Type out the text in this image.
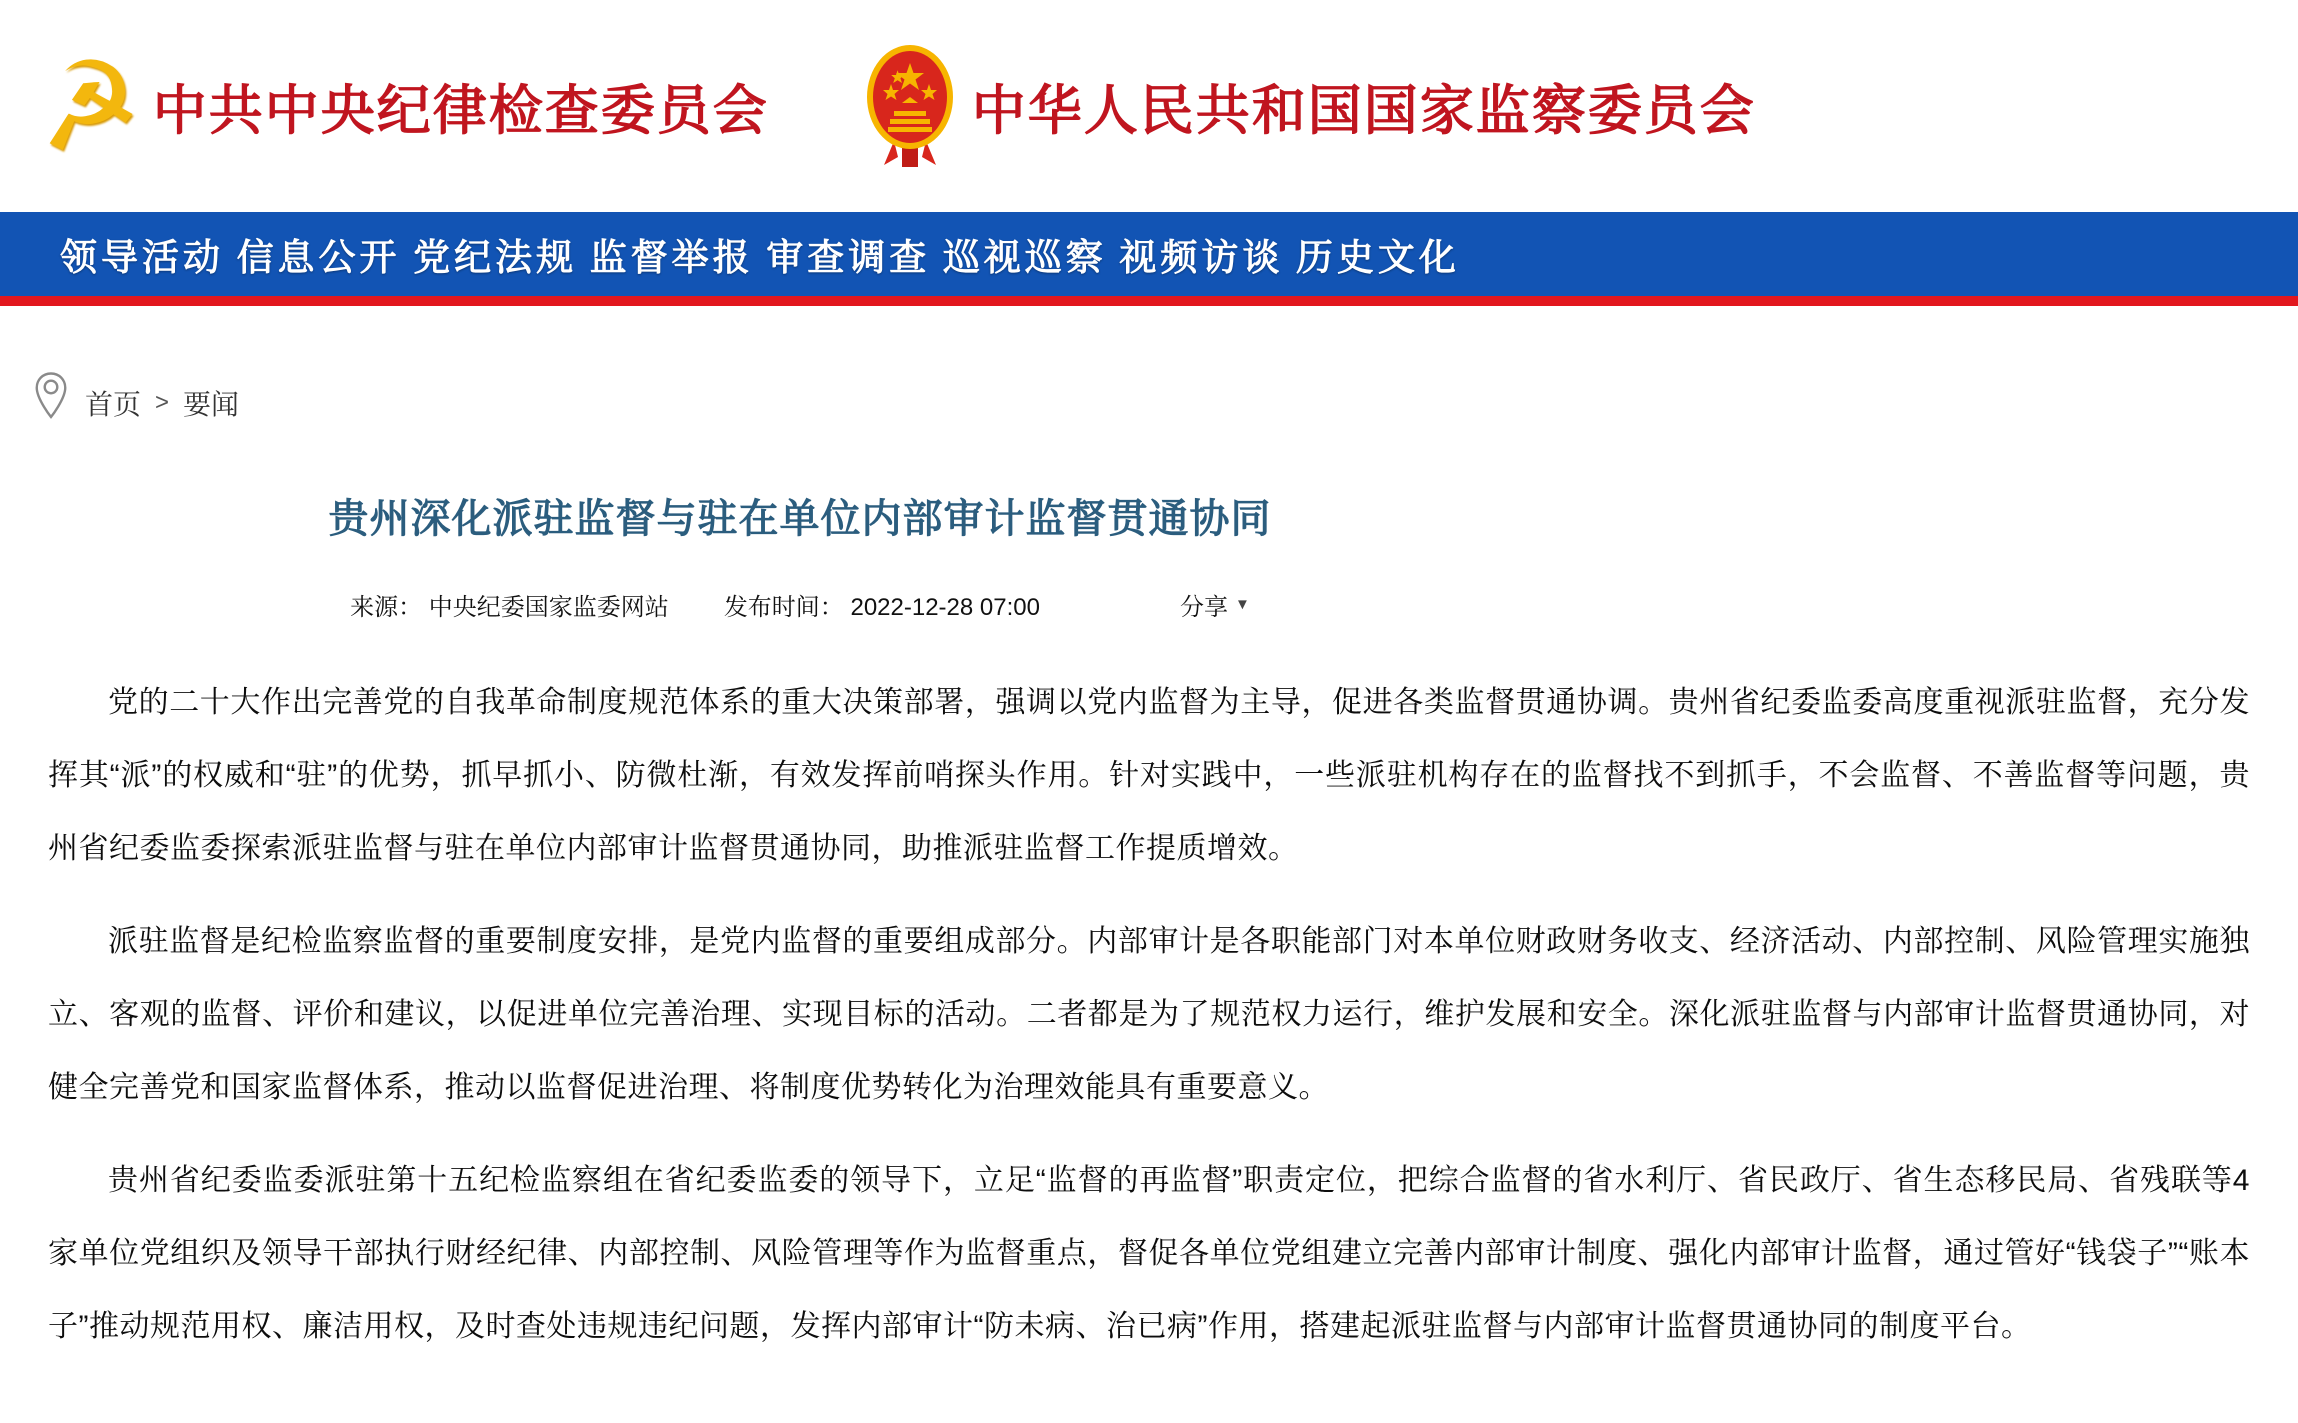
☭ 中共中央纪律检查委员会	中华人民共和国国家监察委员会
领导活动 信息公开 党纪法规 监督举报 审查调查 巡视巡察 视频访谈 历史文化
首页 > 要闻
贵州深化派驻监督与驻在单位内部审计监督贯通协同
来源： 中央纪委国家监委网站 发布时间： 2022-12-28 07:00	分享 ▼

党的二十大作出完善党的自我革命制度规范体系的重大决策部署，强调以党内监督为主导，促进各类监督贯通协调。贵州省纪委监委高度重视派驻监督，充分发挥其“派”的权威和“驻”的优势，抓早抓小、防微杜渐，有效发挥前哨探头作用。针对实践中，一些派驻机构存在的监督找不到抓手，不会监督、不善监督等问题，贵州省纪委监委探索派驻监督与驻在单位内部审计监督贯通协同，助推派驻监督工作提质增效。

派驻监督是纪检监察监督的重要制度安排，是党内监督的重要组成部分。内部审计是各职能部门对本单位财政财务收支、经济活动、内部控制、风险管理实施独立、客观的监督、评价和建议，以促进单位完善治理、实现目标的活动。二者都是为了规范权力运行，维护发展和安全。深化派驻监督与内部审计监督贯通协同，对健全完善党和国家监督体系，推动以监督促进治理、将制度优势转化为治理效能具有重要意义。

贵州省纪委监委派驻第十五纪检监察组在省纪委监委的领导下，立足“监督的再监督”职责定位，把综合监督的省水利厅、省民政厅、省生态移民局、省残联等4家单位党组织及领导干部执行财经纪律、内部控制、风险管理等作为监督重点，督促各单位党组建立完善内部审计制度、强化内部审计监督，通过管好“钱袋子”“账本子”推动规范用权、廉洁用权，及时查处违规违纪问题，发挥内部审计“防未病、治已病”作用，搭建起派驻监督与内部审计监督贯通协同的制度平台。
